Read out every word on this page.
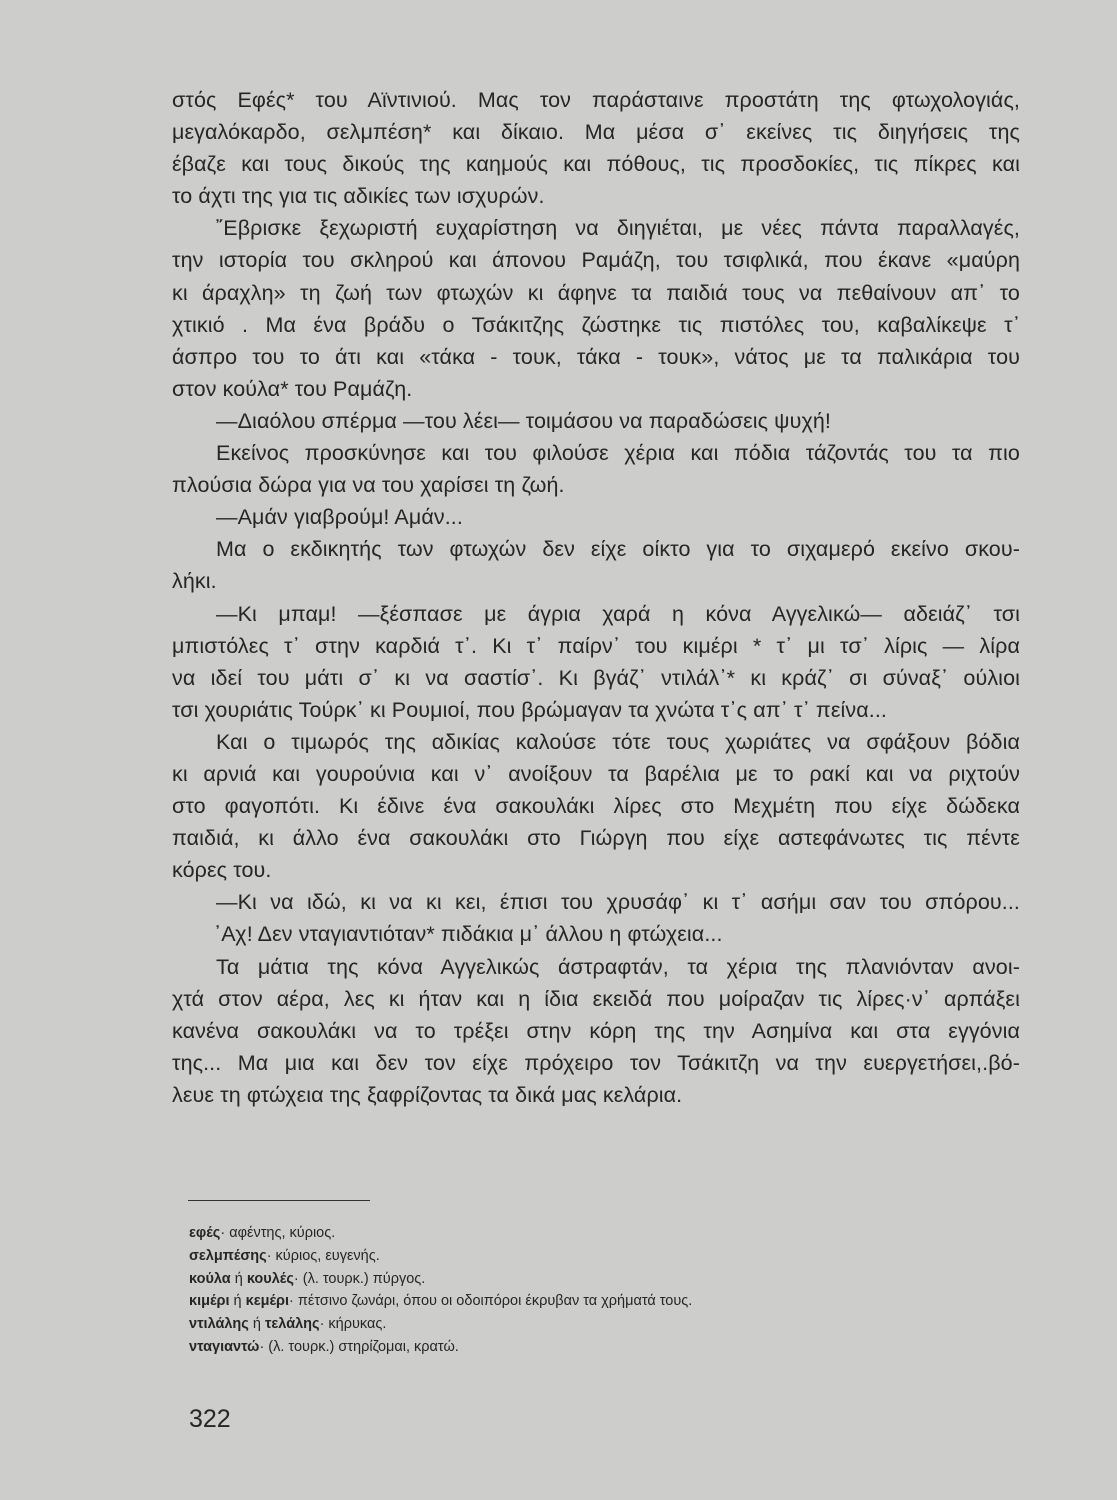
στός Εφές* του Αϊντινιού. Μας τον παράσταινε προστάτη της φτωχολογιάς,
μεγαλόκαρδο, σελμπέση* και δίκαιο. Μα μέσα σ᾽ εκείνες τις διηγήσεις της
έβαζε και τους δικούς της καημούς και πόθους, τις προσδοκίες, τις πίκρες και
το άχτι της για τις αδικίες των ισχυρών.
῎Εβρισκε ξεχωριστή ευχαρίστηση να διηγιέται, με νέες πάντα παραλλαγές,
την ιστορία του σκληρού και άπονου Ραμάζη, του τσιφλικά, που έκανε «μαύρη
κι άραχλη» τη ζωή των φτωχών κι άφηνε τα παιδιά τους να πεθαίνουν απ᾽ το
χτικιό . Μα ένα βράδυ ο Τσάκιτζης ζώστηκε τις πιστόλες του, καβαλίκεψε τ᾽
άσπρο του το άτι και «τάκα - τουκ, τάκα - τουκ», νάτος με τα παλικάρια του
στον κούλα* του Ραμάζη.
—Διαόλου σπέρμα —του λέει— τοιμάσου να παραδώσεις ψυχή!
Εκείνος προσκύνησε και του φιλούσε χέρια και πόδια τάζοντάς του τα πιο
πλούσια δώρα για να του χαρίσει τη ζωή.
—Αμάν γιαβρούμ! Αμάν...
Μα ο εκδικητής των φτωχών δεν είχε οίκτο για το σιχαμερό εκείνο σκου-
λήκι.
—Κι μπαμ! —ξέσπασε με άγρια χαρά η κόνα Αγγελικώ— αδειάζ᾽ τσι
μπιστόλες τ᾽ στην καρδιά τ᾽. Κι τ᾽ παίρν᾽ του κιμέρι * τ᾽ μι τσ᾽ λίρις — λίρα
να ιδεί του μάτι σ᾽ κι να σαστίσ᾽. Κι βγάζ᾽ ντιλάλ᾽* κι κράζ᾽ σι σύναξ᾽ ούλιοι
τσι χουριάτις Τούρκ᾽ κι Ρουμιοί, που βρώμαγαν τα χνώτα τ᾽ς απ᾽ τ᾽ πείνα...
Και ο τιμωρός της αδικίας καλούσε τότε τους χωριάτες να σφάξουν βόδια
κι αρνιά και γουρούνια και ν᾽ ανοίξουν τα βαρέλια με το ρακί και να ριχτούν
στο φαγοπότι. Κι έδινε ένα σακουλάκι λίρες στο Μεχμέτη που είχε δώδεκα
παιδιά, κι άλλο ένα σακουλάκι στο Γιώργη που είχε αστεφάνωτες τις πέντε
κόρες του.
—Κι να ιδώ, κι να κι κει, έπισι του χρυσάφ᾽ κι τ᾽ ασήμι σαν του σπόρου...
᾽Αχ! Δεν νταγιαντιόταν* πιδάκια μ᾽ άλλου η φτώχεια...
Τα μάτια της κόνα Αγγελικώς άστραφτάν, τα χέρια της πλανιόνταν ανοι-
χτά στον αέρα, λες κι ήταν και η ίδια εκειδά που μοίραζαν τις λίρες·ν᾽ αρπάξει
κανένα σακουλάκι να το τρέξει στην κόρη της την Ασημίνα και στα εγγόνια
της... Μα μια και δεν τον είχε πρόχειρο τον Τσάκιτζη να την ευεργετήσει,.βό-
λευε τη φτώχεια της ξαφρίζοντας τα δικά μας κελάρια.
εφές· αφέντης, κύριος.
σελμπέσης· κύριος, ευγενής.
κούλα ή κουλές· (λ. τουρκ.) πύργος.
κιμέρι ή κεμέρι· πέτσινο ζωνάρι, όπου οι οδοιπόροι έκρυβαν τα χρήματά τους.
ντιλάλης ή τελάλης· κήρυκας.
νταγιαντώ· (λ. τουρκ.) στηρίζομαι, κρατώ.
322
